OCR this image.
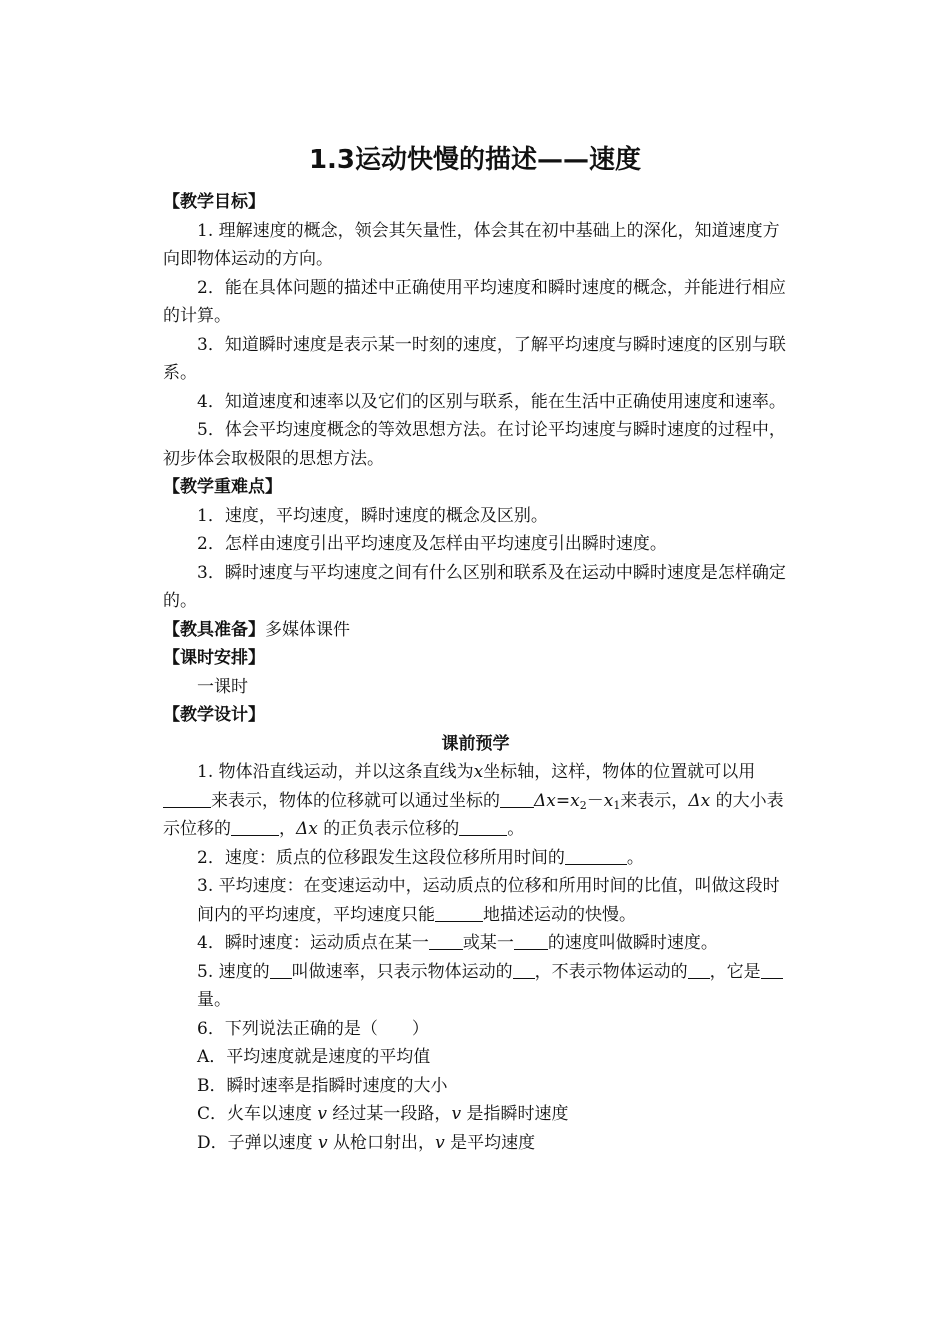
1.3运动快慢的描述——速度

【教学目标】

1. 理解速度的概念，领会其矢量性，体会其在初中基础上的深化，知道速度方向即物体运动的方向。

2．能在具体问题的描述中正确使用平均速度和瞬时速度的概念，并能进行相应的计算。

3．知道瞬时速度是表示某一时刻的速度，了解平均速度与瞬时速度的区别与联系。

4．知道速度和速率以及它们的区别与联系，能在生活中正确使用速度和速率。

5．体会平均速度概念的等效思想方法。在讨论平均速度与瞬时速度的过程中，初步体会取极限的思想方法。

【教学重难点】

1．速度，平均速度，瞬时速度的概念及区别。

2．怎样由速度引出平均速度及怎样由平均速度引出瞬时速度。

3．瞬时速度与平均速度之间有什么区别和联系及在运动中瞬时速度是怎样确定的。

【教具准备】多媒体课件

【课时安排】

一课时

【教学设计】

课前预学

1. 物体沿直线运动，并以这条直线为x坐标轴，这样，物体的位置就可以用来表示，物体的位移就可以通过坐标的 $\Delta x=x_2-x_1$来表示，Δx 的大小表示位移的	，Δx 的正负表示位移的	。

2．速度：质点的位移跟发生这段位移所用时间的	。

3. 平均速度：在变速运动中，运动质点的位移和所用时间的比值，叫做这段时间内的平均速度，平均速度只能	地描述运动的快慢。

4．瞬时速度：运动质点在某一 或某一 的速度叫做瞬时速度。

5. 速度的 叫做速率，只表示物体运动的 ，不表示物体运动的 ，它是量。

6．下列说法正确的是（　　）

A．平均速度就是速度的平均值

B．瞬时速率是指瞬时速度的大小

C．火车以速度 v 经过某一段路，v 是指瞬时速度

D．子弹以速度 v 从枪口射出，v 是平均速度
